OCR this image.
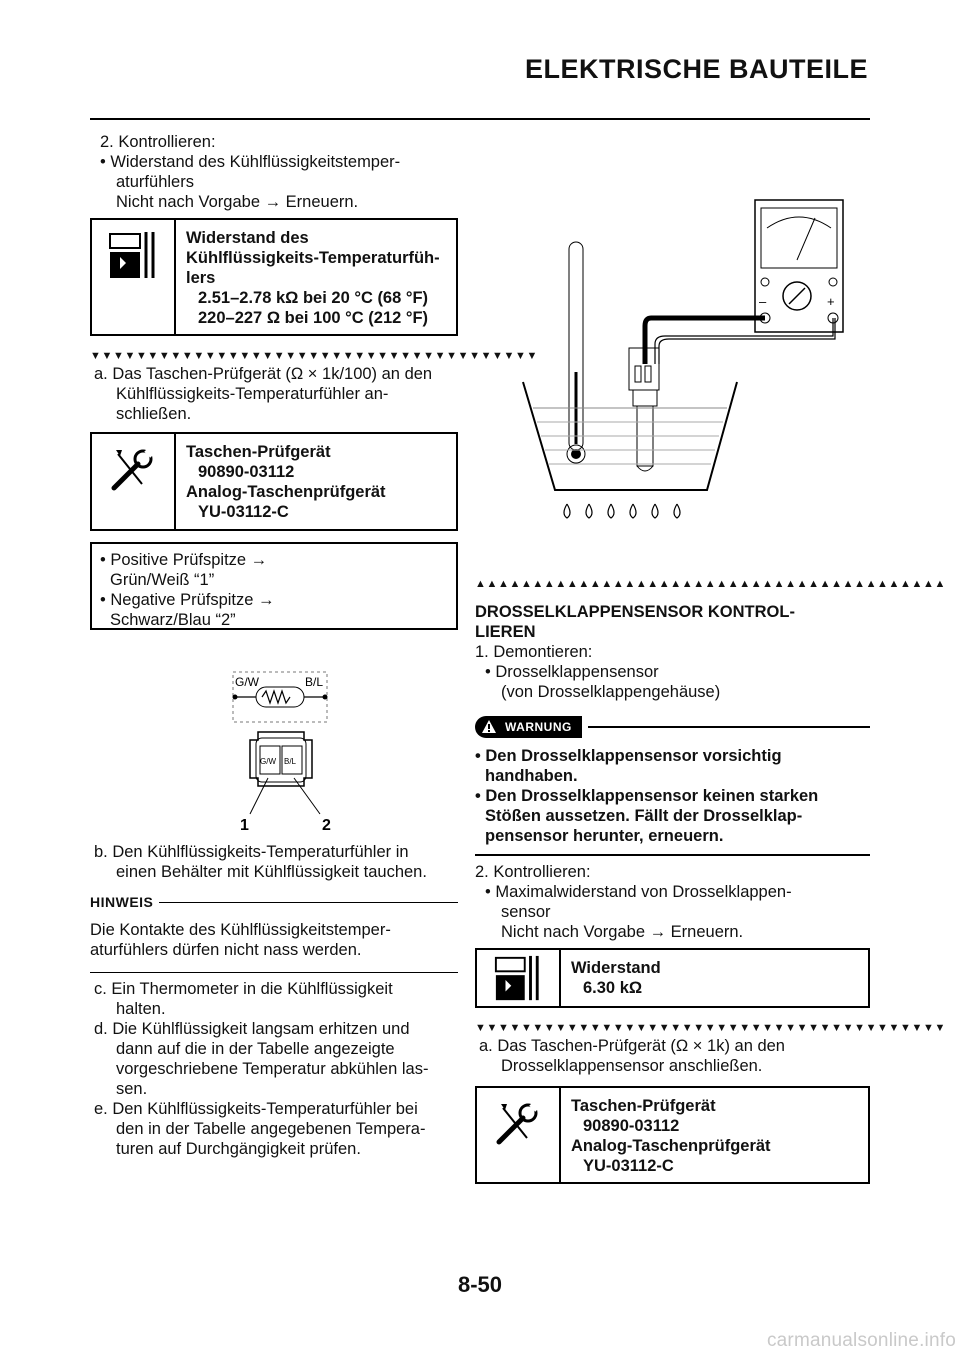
ELEKTRISCHE BAUTEILE

2. Kontrollieren:

• Widerstand des Kühlflüssigkeitstemper-

aturfühlers

Nicht nach Vorgabe → Erneuern.

Widerstand des

Kühlflüssigkeits-Temperaturfüh-

lers

2.51–2.78 kΩ bei 20 °C (68 °F)

220–227 Ω bei 100 °C (212 °F)

▼▼▼▼▼▼▼▼▼▼▼▼▼▼▼▼▼▼▼▼▼▼▼▼▼▼▼▼▼▼▼▼▼▼▼▼▼▼▼

a. Das Taschen-Prüfgerät (Ω × 1k/100) an den

Kühlflüssigkeits-Temperaturfühler an-

schließen.

Taschen-Prüfgerät

90890-03112

Analog-Taschenprüfgerät

YU-03112-C

• Positive Prüfspitze →

Grün/Weiß “1”

• Negative Prüfspitze →

Schwarz/Blau “2”

G/W	B/L
G/W B/L
1	2

b. Den Kühlflüssigkeits-Temperaturfühler in

einen Behälter mit Kühlflüssigkeit tauchen.

HINWEIS

Die Kontakte des Kühlflüssigkeitstemper-

aturfühlers dürfen nicht nass werden.

c. Ein Thermometer in die Kühlflüssigkeit

halten.

d. Die Kühlflüssigkeit langsam erhitzen und

dann auf die in der Tabelle angezeigte

vorgeschriebene Temperatur abkühlen las-

sen.

e. Den Kühlflüssigkeits-Temperaturfühler bei

den in der Tabelle angegebenen Tempera-

turen auf Durchgängigkeit prüfen.

–	+
▲▲▲▲▲▲▲▲▲▲▲▲▲▲▲▲▲▲▲▲▲▲▲▲▲▲▲▲▲▲▲▲▲▲▲▲▲▲▲▲▲

DROSSELKLAPPENSENSOR KONTROL-

LIEREN

1. Demontieren:

• Drosselklappensensor

(von Drosselklappengehäuse)

WARNUNG

• Den Drosselklappensensor vorsichtig

handhaben.

• Den Drosselklappensensor keinen starken

Stößen aussetzen. Fällt der Drosselklap-

pensensor herunter, erneuern.

2. Kontrollieren:

• Maximalwiderstand von Drosselklappen-

sensor

Nicht nach Vorgabe → Erneuern.

Widerstand

6.30 kΩ

▼▼▼▼▼▼▼▼▼▼▼▼▼▼▼▼▼▼▼▼▼▼▼▼▼▼▼▼▼▼▼▼▼▼▼▼▼▼▼▼▼

a. Das Taschen-Prüfgerät (Ω × 1k) an den

Drosselklappensensor anschließen.

Taschen-Prüfgerät

90890-03112

Analog-Taschenprüfgerät

YU-03112-C

8-50
carmanualsonline.info
